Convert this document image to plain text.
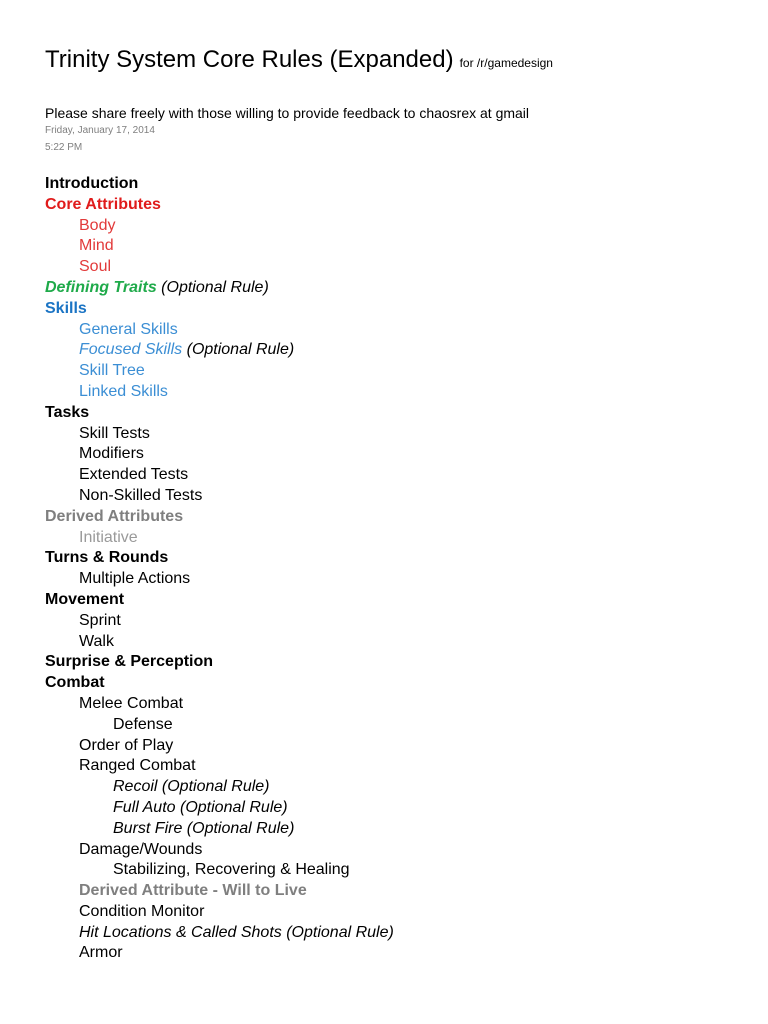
Trinity System Core Rules (Expanded) for /r/gamedesign
Please share freely with those willing to provide feedback to chaosrex at gmail
Friday, January 17, 2014
5:22 PM
Introduction
Core Attributes
Body
Mind
Soul
Defining Traits (Optional Rule)
Skills
General Skills
Focused Skills (Optional Rule)
Skill Tree
Linked Skills
Tasks
Skill Tests
Modifiers
Extended Tests
Non-Skilled Tests
Derived Attributes
Initiative
Turns & Rounds
Multiple Actions
Movement
Sprint
Walk
Surprise & Perception
Combat
Melee Combat
Defense
Order of Play
Ranged Combat
Recoil (Optional Rule)
Full Auto (Optional Rule)
Burst Fire (Optional Rule)
Damage/Wounds
Stabilizing, Recovering & Healing
Derived Attribute - Will to Live
Condition Monitor
Hit Locations & Called Shots (Optional Rule)
Armor
